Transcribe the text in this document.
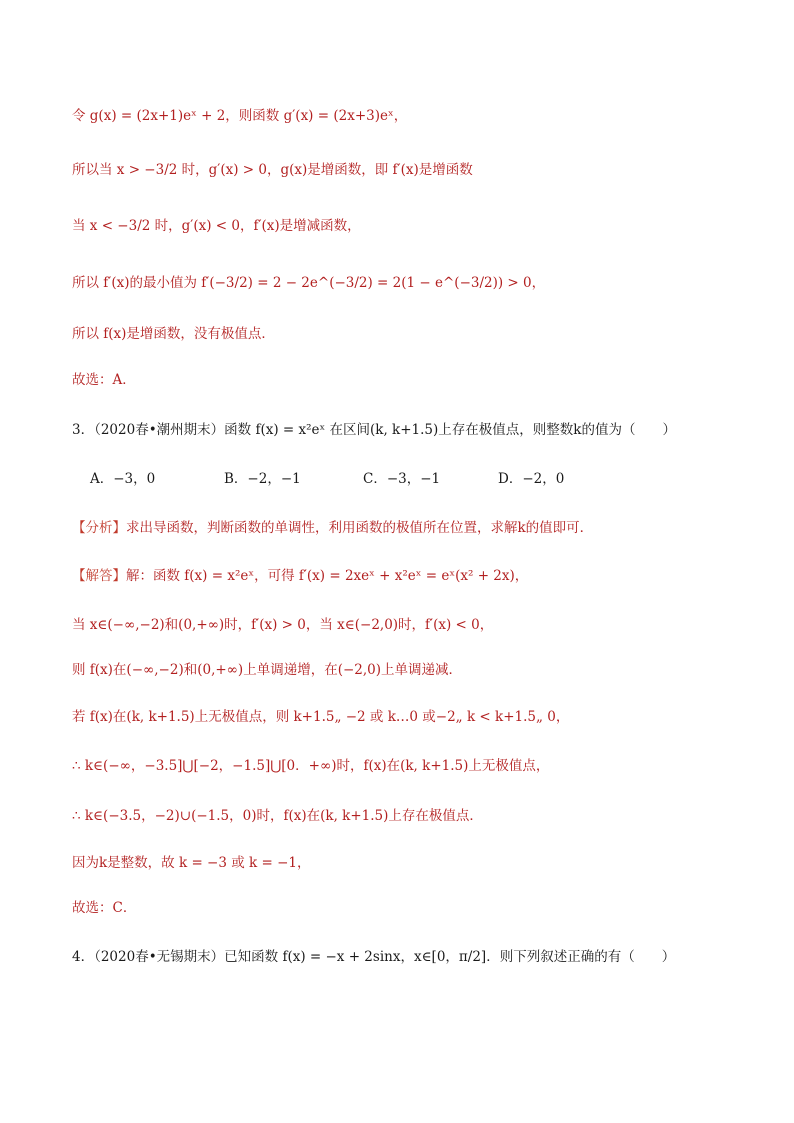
令 g(x) = (2x+1)eˣ + 2，则函数 g′(x) = (2x+3)eˣ，
所以当 x > −3/2 时，g′(x) > 0，g(x)是增函数，即 f′(x)是增函数
当 x < −3/2 时，g′(x) < 0，f′(x)是增减函数，
所以 f′(x)的最小值为 f′(−3/2) = 2 − 2e^(−3/2) = 2(1 − e^(−3/2)) > 0，
所以 f(x)是增函数，没有极值点．
故选：A．
3．（2020春•潮州期末）函数 f(x) = x²eˣ 在区间(k, k+1.5)上存在极值点，则整数k的值为（　　）
A．−3，0	B．−2，−1	C．−3，−1	D．−2，0
【分析】求出导函数，判断函数的单调性，利用函数的极值所在位置，求解k的值即可．
【解答】解：函数 f(x) = x²eˣ，可得 f′(x) = 2xeˣ + x²eˣ = eˣ(x² + 2x)，
当 x∈(−∞,−2)和(0,+∞)时，f′(x) > 0，当 x∈(−2,0)时，f′(x) < 0，
则 f(x)在(−∞,−2)和(0,+∞)上单调递增，在(−2,0)上单调递减．
若 f(x)在(k, k+1.5)上无极值点，则 k+1.5„ −2 或 k…0 或−2„ k < k+1.5„ 0，
∴ k∈(−∞，−3.5]⋃[−2，−1.5]⋃[0．+∞)时，f(x)在(k, k+1.5)上无极值点，
∴ k∈(−3.5，−2)∪(−1.5，0)时，f(x)在(k, k+1.5)上存在极值点．
因为k是整数，故 k = −3 或 k = −1，
故选：C．
4．（2020春•无锡期末）已知函数 f(x) = −x + 2sinx，x∈[0，π/2]．则下列叙述正确的有（　　）
